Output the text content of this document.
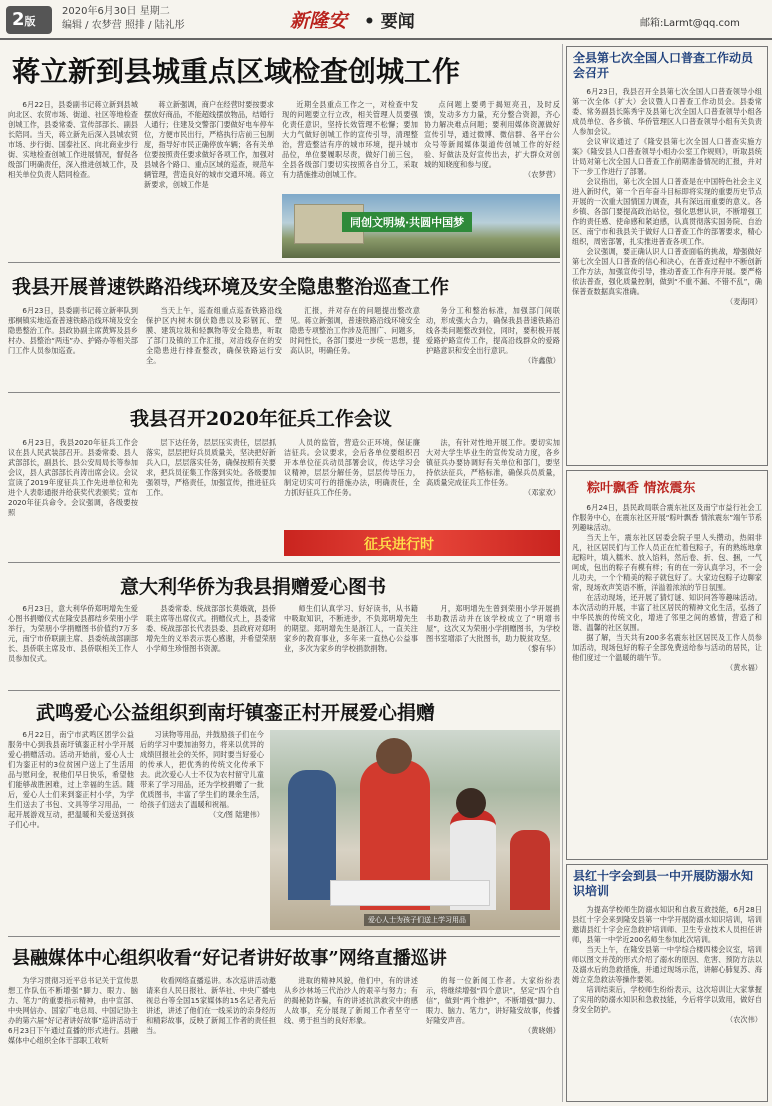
2版
2020年6月30日 星期二
编辑 / 农梦营 照排 / 陆礼彤	新隆安 • 要闻	邮箱:Larmt@qq.com
蒋立新到县城重点区域检查创城工作

6月22日，县委副书记蒋立新到县城向北区、农贸市场、街道、社区等地检查创城工作，县委常委、宣传部部长、副县长陪同。当天，蒋立新先后深入县城农贸市场、步行街、国泰社区、向北商业步行街、实地检查创城工作进展情况，督促各级部门明确责任，深入推进创城工作，及相关单位负责人陪同检查。

蒋立新强调，商户在经营时要按要求摆放好商品，不能超线摆放物品，结婚行人通行；住建及交警部门要做好电车停车位，方便市民出行，严格执行店前三包制度，指导好市民正确停放车辆；各有关单位要按照责任要求做好各项工作，加强对县城各个路口、重点区域的巡查，规范车辆管理，营造良好的城市交通环境。蒋立新要求，创城工作是

近期全县重点工作之一，对检查中发现的问题要立行立改，相关管理人员要强化责任意识，坚持长效管理不松懈；要加大力气做好创城工作的宣传引导，清理整治，营造整洁有序的城市环境，提升城市品位，单位要履职尽责，做好门前三包，全县各级部门要切实按照各自分工，采取有力措施推动创城工作。

点问题上要勇于揭短亮丑，及时反馈，发动多方力量，充分整合资源，齐心协力解决难点问题；要利用媒体资源做好宣传引导，通过微博、微信群、各平台公众号等新闻媒体渠道传创城工作的好经验、好做法及好宣传出去，扩大群众对创城的知晓度和参与度。

（农梦营）
同创文明城·共圆中国梦
我县开展普速铁路沿线环境及安全隐患整治巡查工作

6月23日，县委副书记蒋立新率队到那桐镇实地巡查普速铁路沿线环境及安全隐患整治工作。县政协副主席黄辉及县乡村办、县整治“两违”办、护路办等相关部门工作人员参加巡查。

当天上午，巡查组重点巡查铁路沿线保护区内树木倒伏隐患以及彩钢瓦、塑膜、建筑垃圾和轻飘物等安全隐患，听取了部门及镇的工作汇报，对沿线存在的安全隐患进行排查整改，确保铁路运行安全。

汇报，并对存在的问题提出整改意见。蒋立新强调，普速铁路沿线环境安全隐患专项整治工作涉及范围广、问题多，时间性长，各部门要进一步统一思想，提高认识，明确任务。

务分工和整治标准，加强部门间联动，形成强大合力，确保我县普速铁路沿线各类问题整改到位，同时，要积极开展爱路护路宣传工作，提高沿线群众的爱路护路意识和安全出行意识。

（许鑫傲）
我县召开2020年征兵工作会议

6月23日，我县2020年征兵工作会议在县人民武装部召开。县委常委、县人武部部长，副县长、县公安局局长等参加会议，县人武部部长肖涛出席会议。会议宣读了2019年度征兵工作先进单位和先进个人表彰通报并给获奖代表颁奖；宣布2020年征兵命令。会议强调，各级要按照

层下达任务，层层压实责任，层层抓落实，层层把好兵员质量关，坚决把好新兵入口，层层落实任务，确保按照有关要求，把兵员征集工作落到实处。各级要加强领导，严格责任，加强宣传，推进征兵工作。

人员的监管，营造公正环境，保证廉洁征兵。会议要求，会后各单位要组织召开本单位征兵动员部署会议，传达学习会议精神，层层分解任务，层层传导压力，制定切实可行的措施办法，明确责任，全力抓好征兵工作任务。

法，有针对性地开展工作。要切实加大对大学生毕业生的宣传发动力度，各乡镇征兵办要协调好有关单位和部门，要坚持依法征兵，严格标准，确保兵员质量，高质量完成征兵工作任务。

（邓家欢）
征兵进行时
意大利华侨为我县捐赠爱心图书

6月23日，意大利华侨郑明增先生爱心图书捐赠仪式在隆安县都结乡荣朋小学举行，为荣朋小学捐赠图书价值约7万多元，南宁市侨联副主席、县委统战部副部长、县侨联主席及市、县侨联相关工作人员参加仪式。

县委常委、统战部部长莫娥就，县侨联主席等出席仪式。捐赠仪式上，县委常委、统战部部长代表县委、县政府对郑明增先生的义举表示衷心感谢，并希望荣朋小学师生珍惜图书资源。

师生们认真学习、好好读书，从书籍中吸取知识，不断进步，不负郑明增先生的期望。郑明增先生是浙江人，一直关注家乡的教育事业，多年来一直热心公益事业，多次为家乡的学校捐款捐物。

月，郑明增先生曾到荣朋小学开展捐书助教活动并在该学校成立了“明增书屋”，这次又为荣朋小学捐赠图书，为学校图书室增添了大批图书，助力脱贫攻坚。

（黎有华）
武鸣爱心公益组织到南圩镇銮正村开展爱心捐赠

6月22日，南宁市武鸣区团学公益服务中心到我县南圩镇銮正村小学开展爱心捐赠活动。活动开始前，爱心人士们为銮正村的3位贫困户送上了生活用品与慰问金，祝他们早日快乐，希望他们能够战胜困难，过上幸福的生活。随后，爱心人士们来到銮正村小学，为学生们送去了书包、文具等学习用品，一起开展游戏互动，把温暖和关爱送到孩子们心中。

习读物等用品，并鼓励孩子们在今后的学习中要加油努力，将来以优异的成绩回报社会的关怀，同时要当好爱心的传承人，把优秀的传统文化传承下去。此次爱心人士不仅为农村留守儿童带来了学习用品，还为学校捐赠了一批优质图书，丰富了学生们的课余生活，给孩子们送去了温暖和祝福。

（文/图 陆建伟）
爱心人士为孩子们送上学习用品
县融媒体中心组织收看“好记者讲好故事”网络直播巡讲

为学习贯彻习近平总书记关于宣传思想工作队伍不断增强“脚力、眼力、脑力、笔力”的重要指示精神，由中宣部、中央网信办、国家广电总局、中国记协主办的第六届“好记者讲好故事”巡讲活动于6月23日下午通过直播的形式进行。县融媒体中心组织全体干部职工收听

收看网络直播巡讲。本次巡讲活动邀请来自人民日报社、新华社、中央广播电视总台等全国15家媒体的15名记者先后讲述，讲述了他们在一线采访的亲身经历和精彩故事，反映了新闻工作者的责任担当。

进取的精神风貌，他们中，有的讲述从乡沙林场三代治沙人的艰辛与努力；有的揭秘防诈骗，有的讲述抗洪救灾中的感人故事，充分展现了新闻工作者坚守一线、勇于担当的良好形象。

的每一位新闻工作者。大家纷纷表示，将继续增强“四个意识”，坚定“四个自信”，做到“两个维护”，不断增强“脚力、眼力、脑力、笔力”，讲好隆安故事，传播好隆安声音。

（黄晓娟）
全县第七次全国人口普查工作动员会召开

6月23日，我县召开全县第七次全国人口普查领导小组第一次全体（扩大）会议暨人口普查工作动员会。县委常委、常务副县长陈秀宇及县第七次全国人口普查领导小组各成员单位、各乡镇、华侨管理区人口普查领导小组有关负责人参加会议。

会议审议通过了《隆安县第七次全国人口普查实施方案》《隆安县人口普查领导小组办公室工作规则》，听取县统计局对第七次全国人口普查工作前期准备情况的汇报，并对下一步工作进行了部署。

会议指出，第七次全国人口普查是在中国特色社会主义进入新时代，第一个百年奋斗目标即将实现的重要历史节点开展的一次重大国情国力调查，具有深远而重要的意义。各乡镇、各部门要提高政治站位，强化思想认识，不断增强工作的责任感、使命感和紧迫感，认真贯彻落实国务院、自治区、南宁市和我县关于做好人口普查工作的部署要求，精心组织，周密部署，扎实推进普查各项工作。

会议强调，要正确认识人口普查面临的挑战，增强做好第七次全国人口普查的信心和决心，在普查过程中不断创新工作方法，加强宣传引导，推动普查工作有序开展。要严格依法普查，强化质量控制，做到“不重不漏、不错不乱”，确保普查数据真实准确。

（麦海同）
粽叶飘香 情浓震东

6月24日，县民政局联合震东社区及南宁市益行社会工作服务中心，在震东社区开展“粽叶飘香 情浓震东”端午节系列趣味活动。

当天上午，震东社区居委会院子里人头攒动，热闹非凡，社区居民们与工作人员正在忙着包粽子，有的熟练地拿起粽叶，填入糯米、放入馅料，然后卷、折、包、捆，一气呵成，包出的粽子有模有样；有的在一旁认真学习，不一会儿功夫，一个个精美的粽子就包好了。大家边包粽子边聊家常，现场欢声笑语不断，洋溢着浓浓的节日氛围。

在活动现场，还开展了猜灯谜、知识问答等趣味活动。本次活动的开展，丰富了社区居民的精神文化生活，弘扬了中华民族的传统文化，增进了邻里之间的感情，营造了和谐、温馨的社区氛围。

据了解，当天共有200多名震东社区居民及工作人员参加活动，现场包好的粽子全部免费送给参与活动的居民，让他们度过一个温暖的端午节。

（黄水福）
县红十字会到县一中开展防溺水知识培训

为提高学校师生防溺水知识和自救互救技能，6月28日县红十字会来到隆安县第一中学开展防溺水知识培训，培训邀请县红十字会应急救护培训师、卫生专业技术人员担任讲师，县第一中学近200名师生参加此次培训。

当天上午，在隆安县第一中学综合楼四楼会议室，培训师以图文并茂的形式介绍了溺水的原因、危害、预防方法以及溺水后的急救措施，并通过现场示范，讲解心肺复苏、海姆立克急救法等操作要领。

培训结束后，学校师生纷纷表示，这次培训让大家掌握了实用的防溺水知识和急救技能，今后将学以致用，做好自身安全防护。

（农次伟）
